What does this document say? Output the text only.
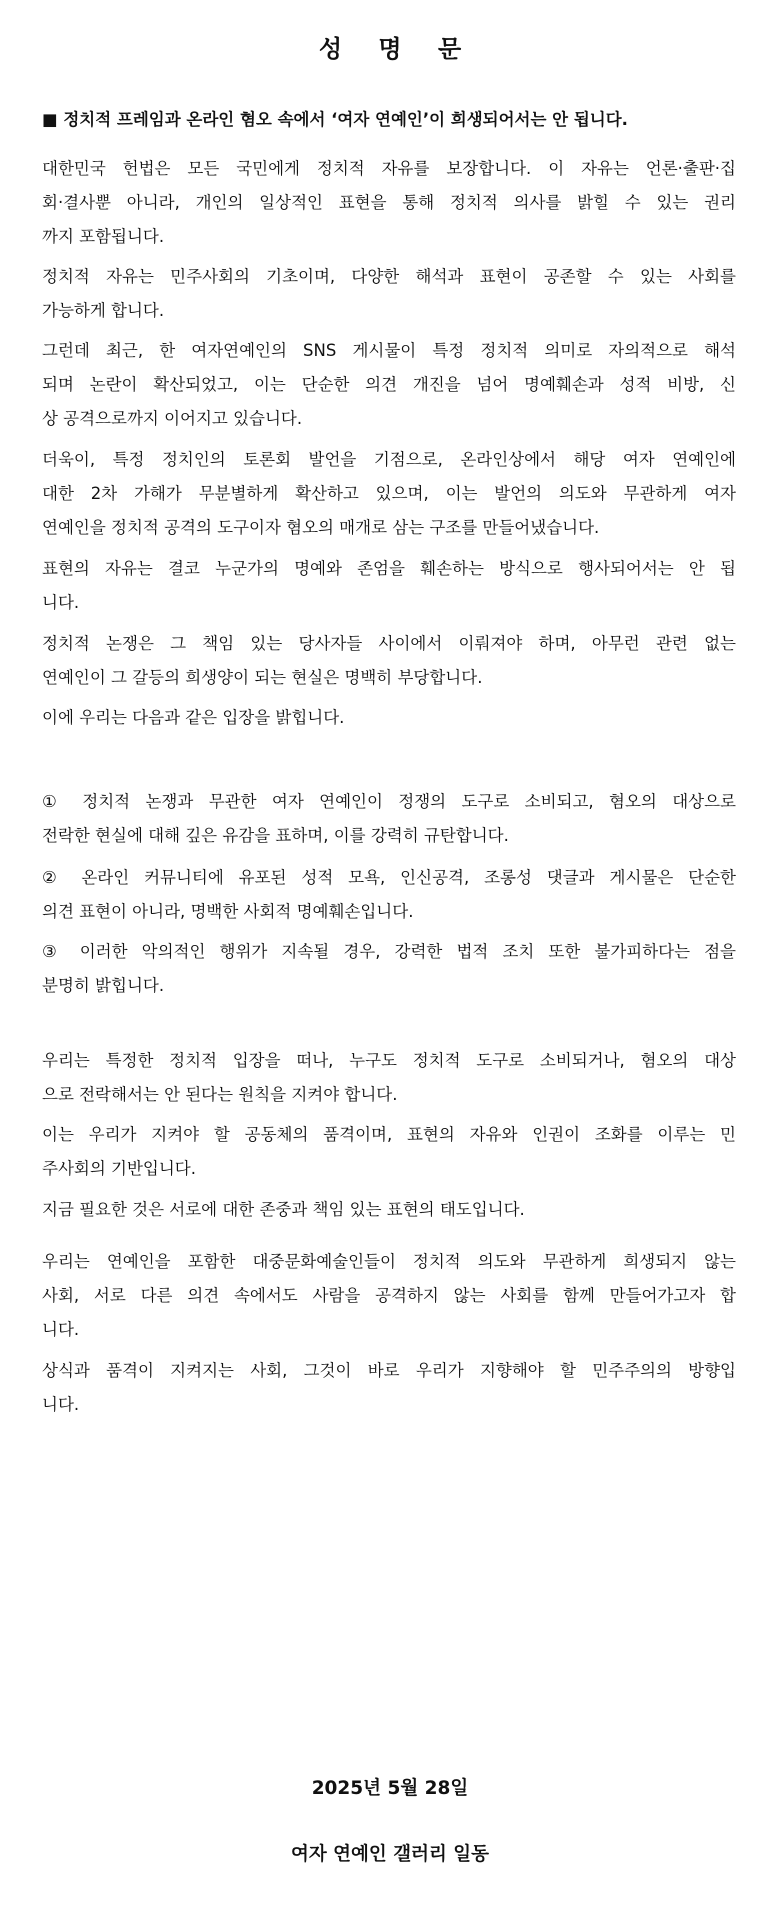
성 명 문
■ 정치적 프레임과 온라인 혐오 속에서 ‘여자 연예인’이 희생되어서는 안 됩니다.
대한민국 헌법은 모든 국민에게 정치적 자유를 보장합니다. 이 자유는 언론·출판·집
회·결사뿐 아니라, 개인의 일상적인 표현을 통해 정치적 의사를 밝힐 수 있는 권리
까지 포함됩니다.
정치적 자유는 민주사회의 기초이며, 다양한 해석과 표현이 공존할 수 있는 사회를
가능하게 합니다.
그런데 최근, 한 여자연예인의 SNS 게시물이 특정 정치적 의미로 자의적으로 해석
되며 논란이 확산되었고, 이는 단순한 의견 개진을 넘어 명예훼손과 성적 비방, 신
상 공격으로까지 이어지고 있습니다.
더욱이, 특정 정치인의 토론회 발언을 기점으로, 온라인상에서 해당 여자 연예인에
대한 2차 가해가 무분별하게 확산하고 있으며, 이는 발언의 의도와 무관하게 여자
연예인을 정치적 공격의 도구이자 혐오의 매개로 삼는 구조를 만들어냈습니다.
표현의 자유는 결코 누군가의 명예와 존엄을 훼손하는 방식으로 행사되어서는 안 됩
니다.
정치적 논쟁은 그 책임 있는 당사자들 사이에서 이뤄져야 하며, 아무런 관련 없는
연예인이 그 갈등의 희생양이 되는 현실은 명백히 부당합니다.
이에 우리는 다음과 같은 입장을 밝힙니다.
① 정치적 논쟁과 무관한 여자 연예인이 정쟁의 도구로 소비되고, 혐오의 대상으로
전락한 현실에 대해 깊은 유감을 표하며, 이를 강력히 규탄합니다.
② 온라인 커뮤니티에 유포된 성적 모욕, 인신공격, 조롱성 댓글과 게시물은 단순한
의견 표현이 아니라, 명백한 사회적 명예훼손입니다.
③ 이러한 악의적인 행위가 지속될 경우, 강력한 법적 조치 또한 불가피하다는 점을
분명히 밝힙니다.
우리는 특정한 정치적 입장을 떠나, 누구도 정치적 도구로 소비되거나, 혐오의 대상
으로 전락해서는 안 된다는 원칙을 지켜야 합니다.
이는 우리가 지켜야 할 공동체의 품격이며, 표현의 자유와 인권이 조화를 이루는 민
주사회의 기반입니다.
지금 필요한 것은 서로에 대한 존중과 책임 있는 표현의 태도입니다.
우리는 연예인을 포함한 대중문화예술인들이 정치적 의도와 무관하게 희생되지 않는
사회, 서로 다른 의견 속에서도 사람을 공격하지 않는 사회를 함께 만들어가고자 합
니다.
상식과 품격이 지켜지는 사회, 그것이 바로 우리가 지향해야 할 민주주의의 방향입
니다.
2025년 5월 28일
여자 연예인 갤러리 일동
